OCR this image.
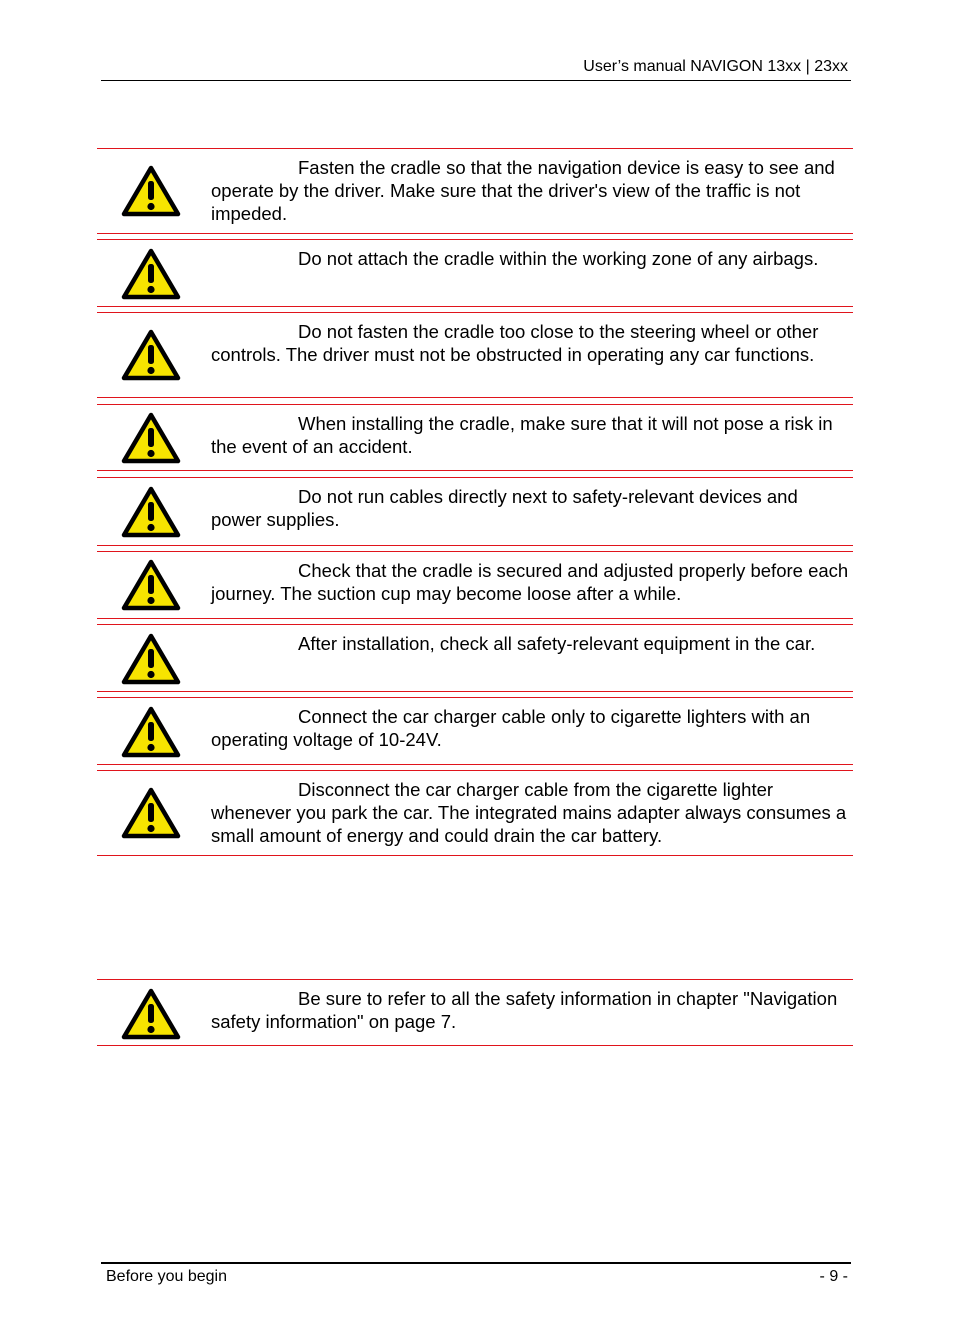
User’s manual NAVIGON 13xx | 23xx

Fasten the cradle so that the navigation device is easy to see and operate by the driver. Make sure that the driver's view of the traffic is not impeded.

Do not attach the cradle within the working zone of any airbags.

Do not fasten the cradle too close to the steering wheel or other controls. The driver must not be obstructed in operating any car functions.

When installing the cradle, make sure that it will not pose a risk in the event of an accident.

Do not run cables directly next to safety-relevant devices and power supplies.

Check that the cradle is secured and adjusted properly before each journey. The suction cup may become loose after a while.

After installation, check all safety-relevant equipment in the car.

Connect the car charger cable only to cigarette lighters with an operating voltage of 10-24V.

Disconnect the car charger cable from the cigarette lighter whenever you park the car. The integrated mains adapter always consumes a small amount of energy and could drain the car battery.

Be sure to refer to all the safety information in chapter "Navigation safety information" on page 7.

Before you begin	- 9 -
